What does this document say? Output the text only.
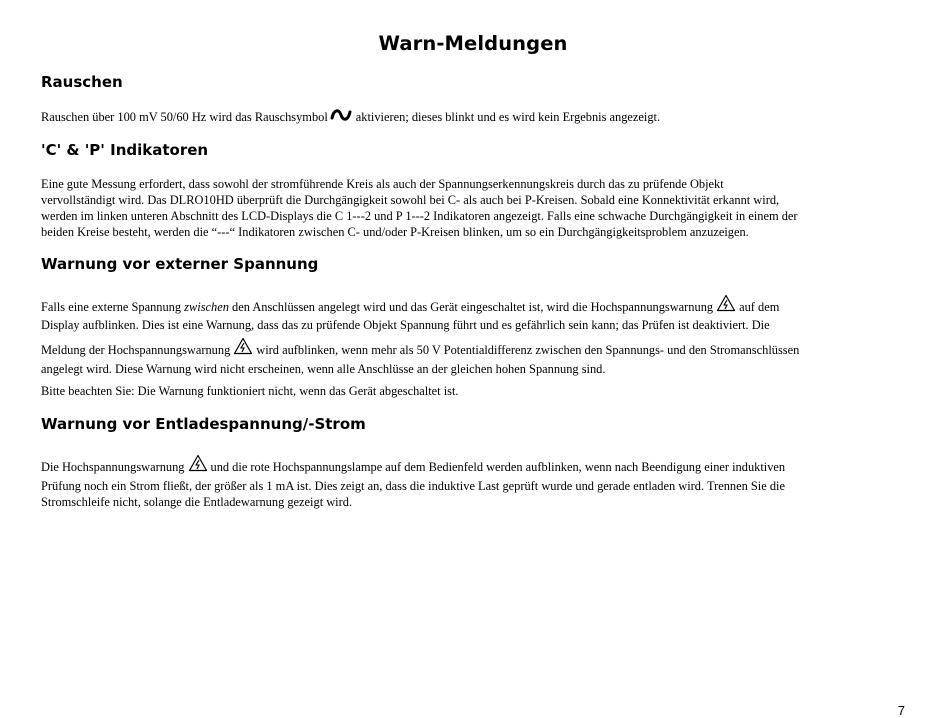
Warn-Meldungen
Rauschen
Rauschen über 100 mV 50/60 Hz wird das Rauschsymbol aktivieren; dieses blinkt und es wird kein Ergebnis angezeigt.
'C' & 'P' Indikatoren
Eine gute Messung erfordert, dass sowohl der stromführende Kreis als auch der Spannungserkennungskreis durch das zu prüfende Objekt
vervollständigt wird. Das DLRO10HD überprüft die Durchgängigkeit sowohl bei C- als auch bei P-Kreisen. Sobald eine Konnektivität erkannt wird,
werden im linken unteren Abschnitt des LCD-Displays die C 1---2 und P 1---2 Indikatoren angezeigt. Falls eine schwache Durchgängigkeit in einem der
beiden Kreise besteht, werden die “---“ Indikatoren zwischen C- und/oder P-Kreisen blinken, um so ein Durchgängigkeitsproblem anzuzeigen.
Warnung vor externer Spannung
Falls eine externe Spannung zwischen den Anschlüssen angelegt wird und das Gerät eingeschaltet ist, wird die Hochspannungswarnung auf dem
Display aufblinken. Dies ist eine Warnung, dass das zu prüfende Objekt Spannung führt und es gefährlich sein kann; das Prüfen ist deaktiviert. Die
Meldung der Hochspannungswarnung wird aufblinken, wenn mehr als 50 V Potentialdifferenz zwischen den Spannungs- und den Stromanschlüssen
angelegt wird. Diese Warnung wird nicht erscheinen, wenn alle Anschlüsse an der gleichen hohen Spannung sind.
Bitte beachten Sie: Die Warnung funktioniert nicht, wenn das Gerät abgeschaltet ist.
Warnung vor Entladespannung/-Strom
Die Hochspannungswarnung und die rote Hochspannungslampe auf dem Bedienfeld werden aufblinken, wenn nach Beendigung einer induktiven
Prüfung noch ein Strom fließt, der größer als 1 mA ist. Dies zeigt an, dass die induktive Last geprüft wurde und gerade entladen wird. Trennen Sie die
Stromschleife nicht, solange die Entladewarnung gezeigt wird.
7
